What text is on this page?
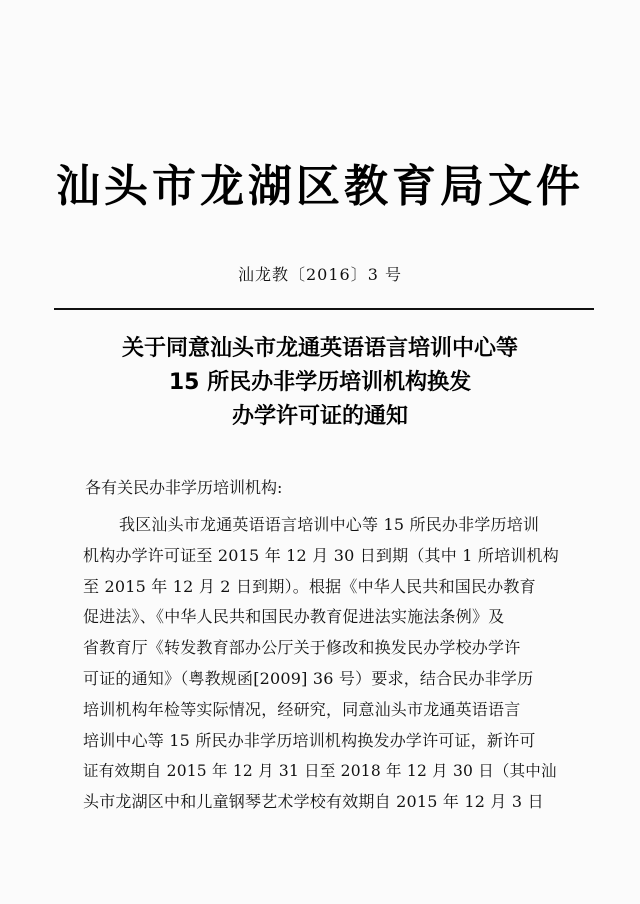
汕头市龙湖区教育局文件
汕龙教〔2016〕3 号
关于同意汕头市龙通英语语言培训中心等
15 所民办非学历培训机构换发
办学许可证的通知
各有关民办非学历培训机构:
我区汕头市龙通英语语言培训中心等 15 所民办非学历培训
机构办学许可证至 2015 年 12 月 30 日到期（其中 1 所培训机构
至 2015 年 12 月 2 日到期）。根据《中华人民共和国民办教育
促进法》、《中华人民共和国民办教育促进法实施法条例》及
省教育厅《转发教育部办公厅关于修改和换发民办学校办学许
可证的通知》（粤教规函[2009] 36 号）要求，结合民办非学历
培训机构年检等实际情况，经研究，同意汕头市龙通英语语言
培训中心等 15 所民办非学历培训机构换发办学许可证，新许可
证有效期自 2015 年 12 月 31 日至 2018 年 12 月 30 日（其中汕
头市龙湖区中和儿童钢琴艺术学校有效期自 2015 年 12 月 3 日
